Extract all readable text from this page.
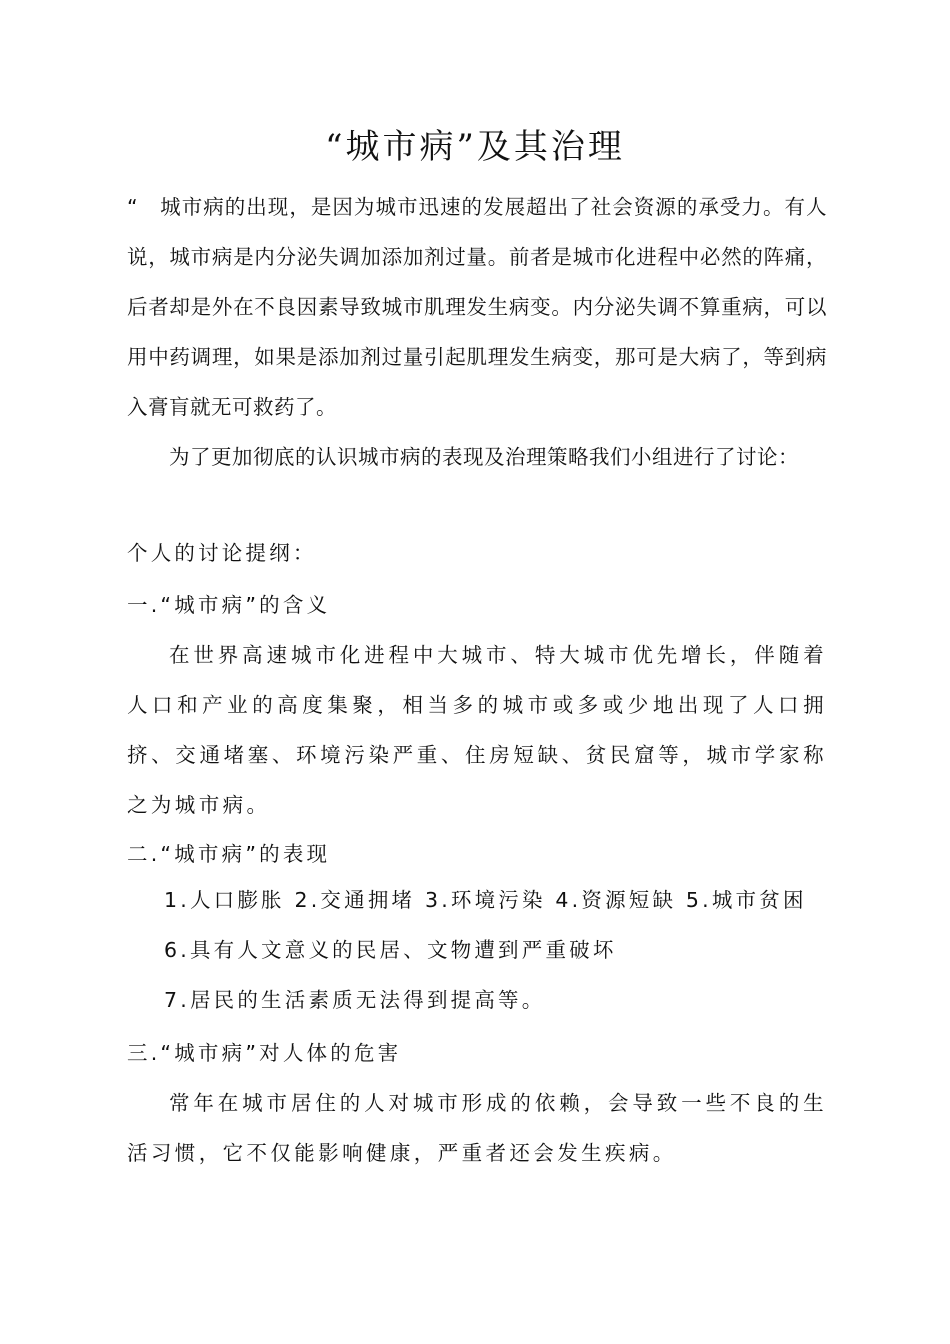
“城市病”及其治理
“　城市病的出现，是因为城市迅速的发展超出了社会资源的承受力。有人说，城市病是内分泌失调加添加剂过量。前者是城市化进程中必然的阵痛，后者却是外在不良因素导致城市肌理发生病变。内分泌失调不算重病，可以用中药调理，如果是添加剂过量引起肌理发生病变，那可是大病了，等到病入膏肓就无可救药了。
为了更加彻底的认识城市病的表现及治理策略我们小组进行了讨论：
个人的讨论提纲：
一.“城市病”的含义
在世界高速城市化进程中大城市、特大城市优先增长，伴随着人口和产业的高度集聚，相当多的城市或多或少地出现了人口拥挤、交通堵塞、环境污染严重、住房短缺、贫民窟等，城市学家称之为城市病。
二.“城市病”的表现
1.人口膨胀 2.交通拥堵 3.环境污染 4.资源短缺 5.城市贫困
6.具有人文意义的民居、文物遭到严重破坏
7.居民的生活素质无法得到提高等。
三.“城市病”对人体的危害
常年在城市居住的人对城市形成的依赖，会导致一些不良的生活习惯，它不仅能影响健康，严重者还会发生疾病。
